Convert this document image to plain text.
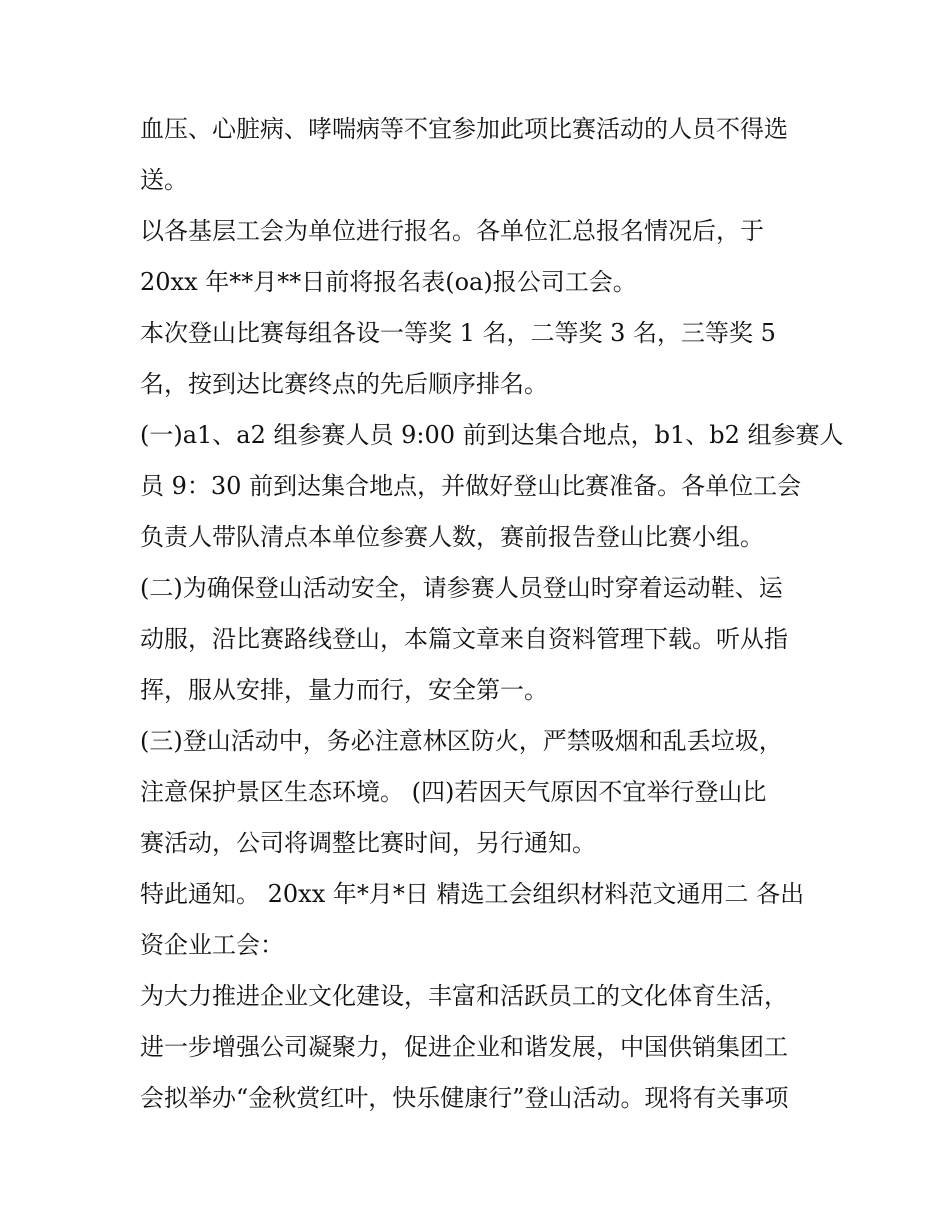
血压、心脏病、哮喘病等不宜参加此项比赛活动的人员不得选
送。
以各基层工会为单位进行报名。各单位汇总报名情况后，于
20xx 年**月**日前将报名表(oa)报公司工会。
本次登山比赛每组各设一等奖 1 名，二等奖 3 名，三等奖 5
名，按到达比赛终点的先后顺序排名。
(一)a1、a2 组参赛人员 9:00 前到达集合地点，b1、b2 组参赛人
员 9：30 前到达集合地点，并做好登山比赛准备。各单位工会
负责人带队清点本单位参赛人数，赛前报告登山比赛小组。
(二)为确保登山活动安全，请参赛人员登山时穿着运动鞋、运
动服，沿比赛路线登山，本篇文章来自资料管理下载。听从指
挥，服从安排，量力而行，安全第一。
(三)登山活动中，务必注意林区防火，严禁吸烟和乱丢垃圾，
注意保护景区生态环境。 (四)若因天气原因不宜举行登山比
赛活动，公司将调整比赛时间，另行通知。
特此通知。 20xx 年*月*日 精选工会组织材料范文通用二 各出
资企业工会：
为大力推进企业文化建设，丰富和活跃员工的文化体育生活，
进一步增强公司凝聚力，促进企业和谐发展，中国供销集团工
会拟举办“金秋赏红叶，快乐健康行”登山活动。现将有关事项
